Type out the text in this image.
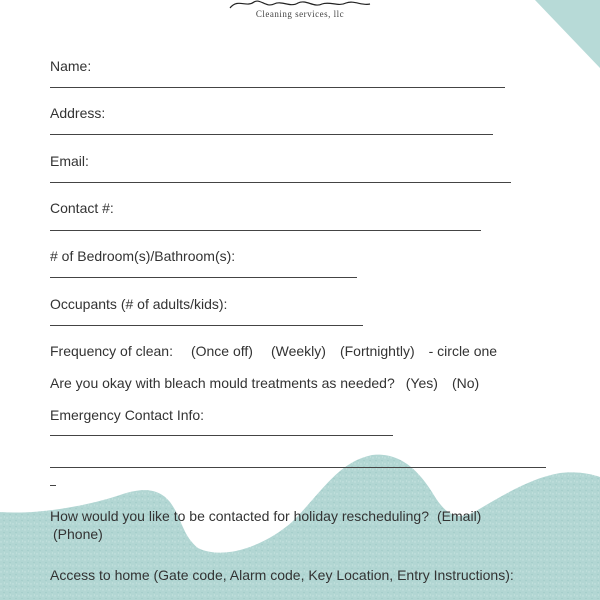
Cleaning services, llc
Name:
Address:
Email:
Contact #:
# of Bedroom(s)/Bathroom(s):
Occupants (# of adults/kids):
Frequency of clean: (Once off) (Weekly) (Fortnightly) - circle one
Are you okay with bleach mould treatments as needed? (Yes) (No)
Emergency Contact Info:
How would you like to be contacted for holiday rescheduling? (Email)
(Phone)
Access to home (Gate code, Alarm code, Key Location, Entry Instructions):
